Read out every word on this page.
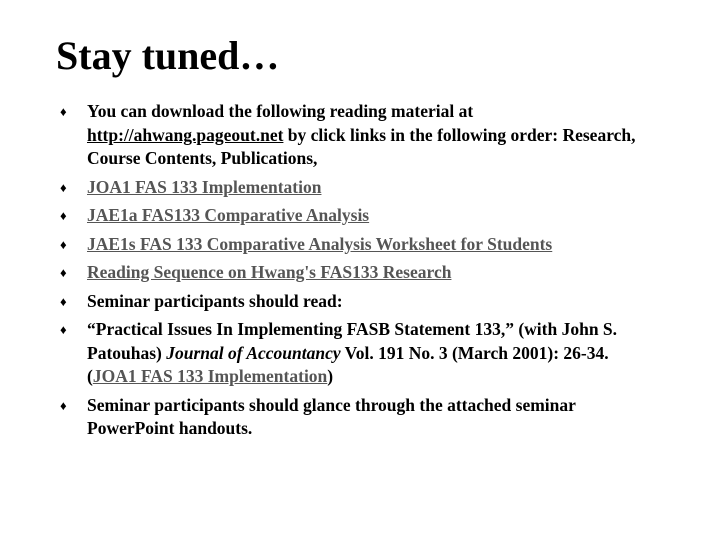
Stay tuned…
♦ You can download the following reading material at http://ahwang.pageout.net by click links in the following order: Research, Course Contents, Publications,
♦ JOA1 FAS 133 Implementation
♦ JAE1a FAS133 Comparative Analysis
♦ JAE1s FAS 133 Comparative Analysis Worksheet for Students
♦ Reading Sequence on Hwang's FAS133 Research
♦ Seminar participants should read:
♦ “Practical Issues In Implementing FASB Statement 133,” (with John S. Patouhas) Journal of Accountancy Vol. 191 No. 3 (March 2001): 26-34. (JOA1 FAS 133 Implementation)
♦ Seminar participants should glance through the attached seminar PowerPoint handouts.
